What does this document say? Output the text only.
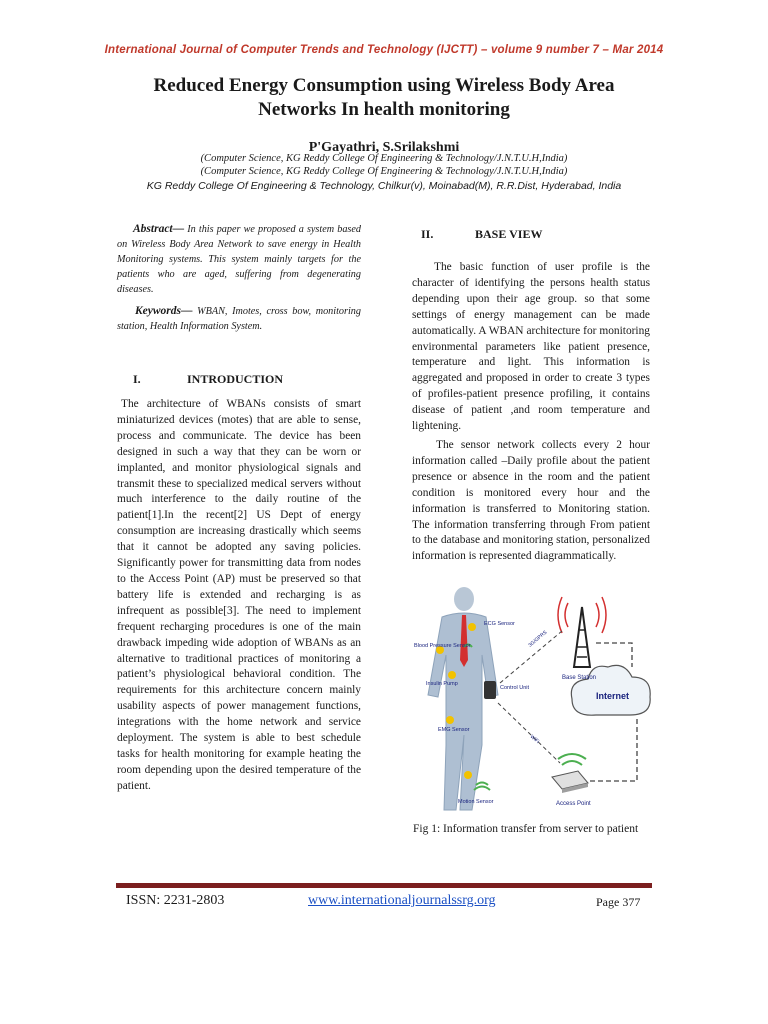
International Journal of Computer Trends and Technology (IJCTT) – volume 9 number 7 – Mar 2014
Reduced Energy Consumption using Wireless Body Area
Networks In health monitoring
P'Gayathri, S.Srilakshmi
(Computer Science, KG Reddy College Of Engineering & Technology/J.N.T.U.H,India)
(Computer Science, KG Reddy College Of Engineering & Technology/J.N.T.U.H,India)
KG Reddy College Of Engineering & Technology, Chilkur(v), Moinabad(M), R.R.Dist, Hyderabad, India
Abstract— In this paper we proposed a system based on Wireless Body Area Network to save energy in Health Monitoring systems. This system mainly targets for the patients who are aged, suffering from degenerating diseases.
Keywords— WBAN, Imotes, cross bow, monitoring station, Health Information System.
I.	INTRODUCTION
The architecture of WBANs consists of smart miniaturized devices (motes) that are able to sense, process and communicate. The device has been designed in such a way that they can be worn or implanted, and monitor physiological signals and transmit these to specialized medical servers without much interference to the daily routine of the patient[1].In the recent[2] US Dept of energy consumption are increasing drastically which seems that it cannot be adopted any saving policies. Significantly power for transmitting data from nodes to the Access Point (AP) must be preserved so that battery life is extended and recharging is as infrequent as possible[3]. The need to implement frequent recharging procedures is one of the main drawback impeding wide adoption of WBANs as an alternative to traditional practices of monitoring a patient’s physiological behavioral condition. The requirements for this architecture concern mainly usability aspects of power management functions, integrations with the home network and service deployment. The system is able to best schedule tasks for health monitoring for example heating the room depending upon the desired temperature of the patient.
II.	BASE VIEW
The basic function of user profile is the character of identifying the persons health status depending upon their age group. so that some settings of energy management can be made automatically. A WBAN architecture for monitoring environmental parameters like patient presence, temperature and light. This information is aggregated and proposed in order to create 3 types of profiles-patient presence profiling, it contains disease of patient ,and room temperature and lightening.
The sensor network collects every 2 hour information called –Daily profile about the patient presence or absence in the room and the patient condition is monitored every hour and the information is transferred to Monitoring station. The information transferring through From patient to the database and monitoring station, personalized information is represented diagrammatically.
ECG Sensor
Blood Pressure Sensor
Insulin Pump
Control Unit
EMG Sensor
Motion Sensor
Base Station
Internet
Access Point
3G/GPRS
WiFi
Fig 1: Information transfer from server to patient
ISSN: 2231-2803	www.internationaljournalssrg.org	Page 377
